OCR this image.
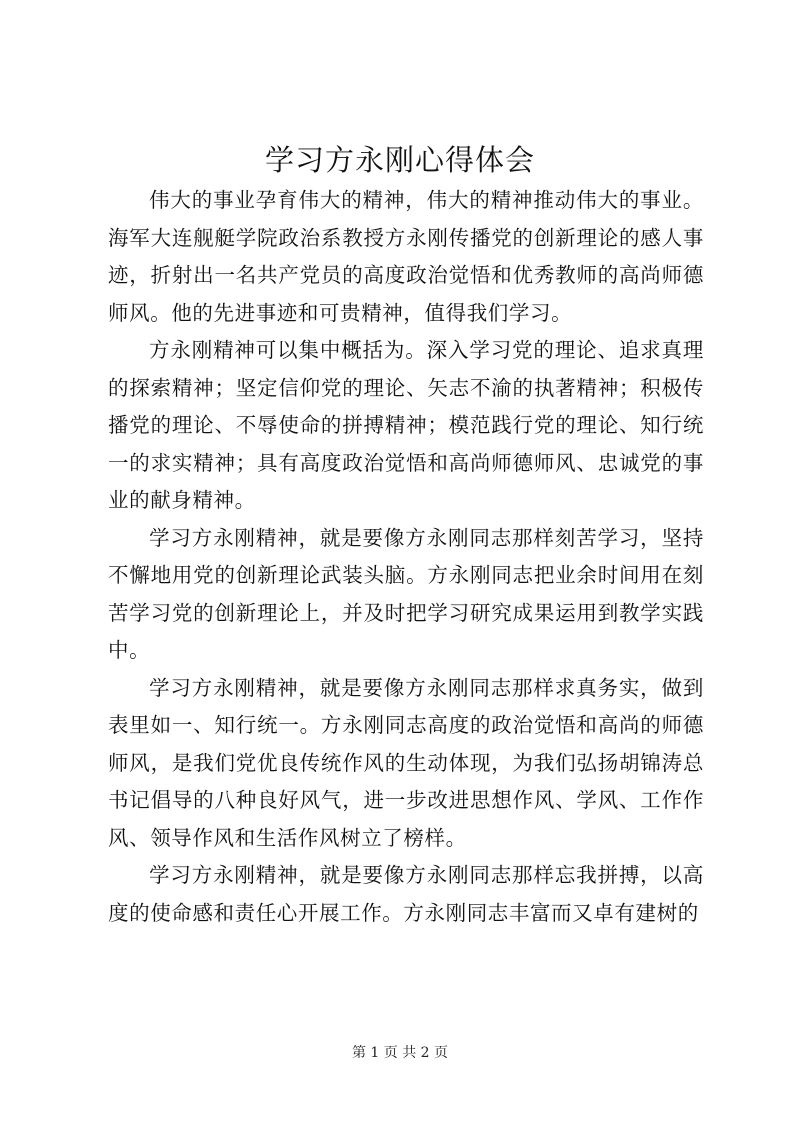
学习方永刚心得体会

伟大的事业孕育伟大的精神，伟大的精神推动伟大的事业。海军大连舰艇学院政治系教授方永刚传播党的创新理论的感人事迹，折射出一名共产党员的高度政治觉悟和优秀教师的高尚师德师风。他的先进事迹和可贵精神，值得我们学习。

方永刚精神可以集中概括为。深入学习党的理论、追求真理的探索精神；坚定信仰党的理论、矢志不渝的执著精神；积极传播党的理论、不辱使命的拼搏精神；模范践行党的理论、知行统一的求实精神；具有高度政治觉悟和高尚师德师风、忠诚党的事业的献身精神。

学习方永刚精神，就是要像方永刚同志那样刻苦学习，坚持不懈地用党的创新理论武装头脑。方永刚同志把业余时间用在刻苦学习党的创新理论上，并及时把学习研究成果运用到教学实践中。

学习方永刚精神，就是要像方永刚同志那样求真务实，做到表里如一、知行统一。方永刚同志高度的政治觉悟和高尚的师德师风，是我们党优良传统作风的生动体现，为我们弘扬胡锦涛总书记倡导的八种良好风气，进一步改进思想作风、学风、工作作风、领导作风和生活作风树立了榜样。

学习方永刚精神，就是要像方永刚同志那样忘我拼搏，以高度的使命感和责任心开展工作。方永刚同志丰富而又卓有建树的

第 1 页 共 2 页
